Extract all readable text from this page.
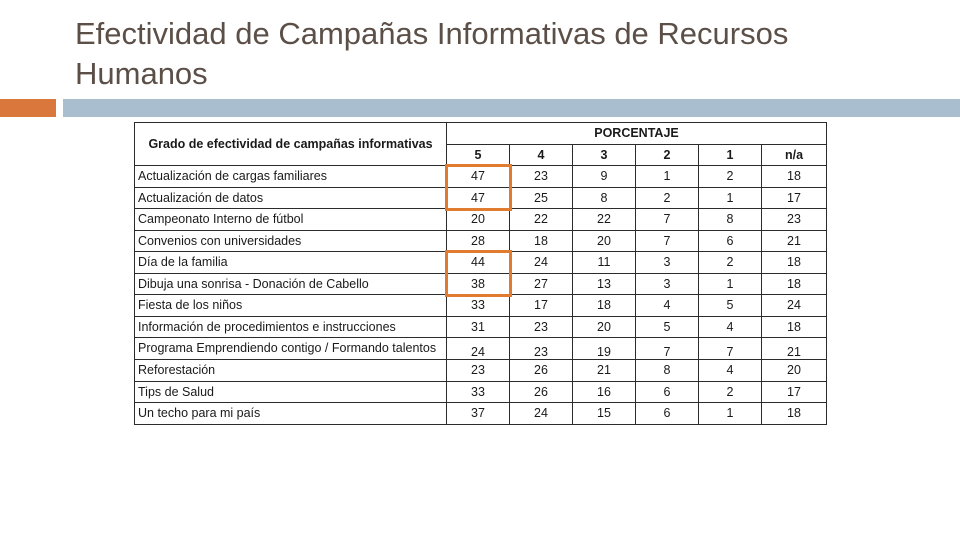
Efectividad de Campañas Informativas de Recursos Humanos
Grado de efectividad de campañas informativas	PORCENTAJE					
	5	4	3	2	1	n/a
Actualización de cargas familiares	47	23	9	1	2	18
Actualización de datos	47	25	8	2	1	17
Campeonato Interno de fútbol	20	22	22	7	8	23
Convenios con universidades	28	18	20	7	6	21
Día de la familia	44	24	11	3	2	18
Dibuja una sonrisa - Donación de Cabello	38	27	13	3	1	18
Fiesta de los niños	33	17	18	4	5	24
Información de procedimientos e instrucciones	31	23	20	5	4	18
Programa Emprendiendo contigo / Formando talentos	24	23	19	7	7	21
Reforestación	23	26	21	8	4	20
Tips de Salud	33	26	16	6	2	17
Un techo para mi país	37	24	15	6	1	18
